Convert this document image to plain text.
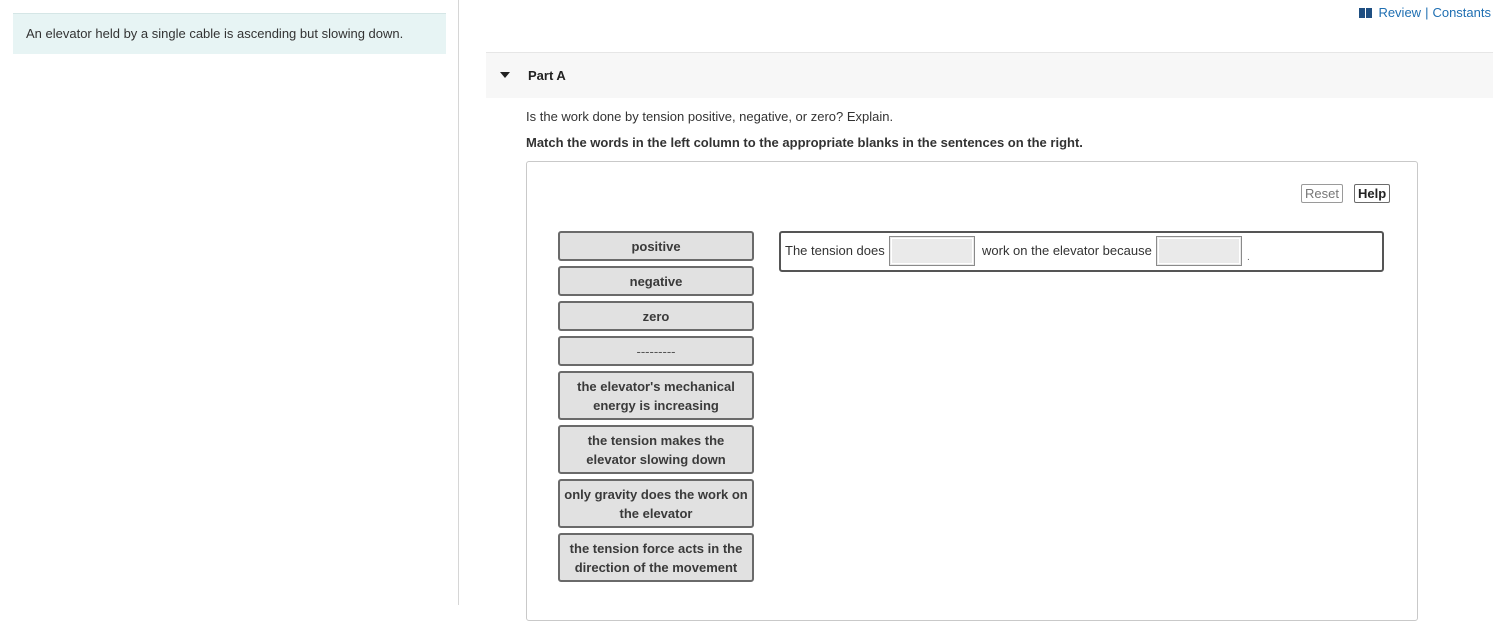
An elevator held by a single cable is ascending but slowing down.
Review | Constants
Part A
Is the work done by tension positive, negative, or zero? Explain.
Match the words in the left column to the appropriate blanks in the sentences on the right.
Reset	Help
positive
negative
zero
---------
the elevator's mechanical energy is increasing
the tension makes the elevator slowing down
only gravity does the work on the elevator
the tension force acts in the direction of the movement
The tension does	work on the elevator because	.
